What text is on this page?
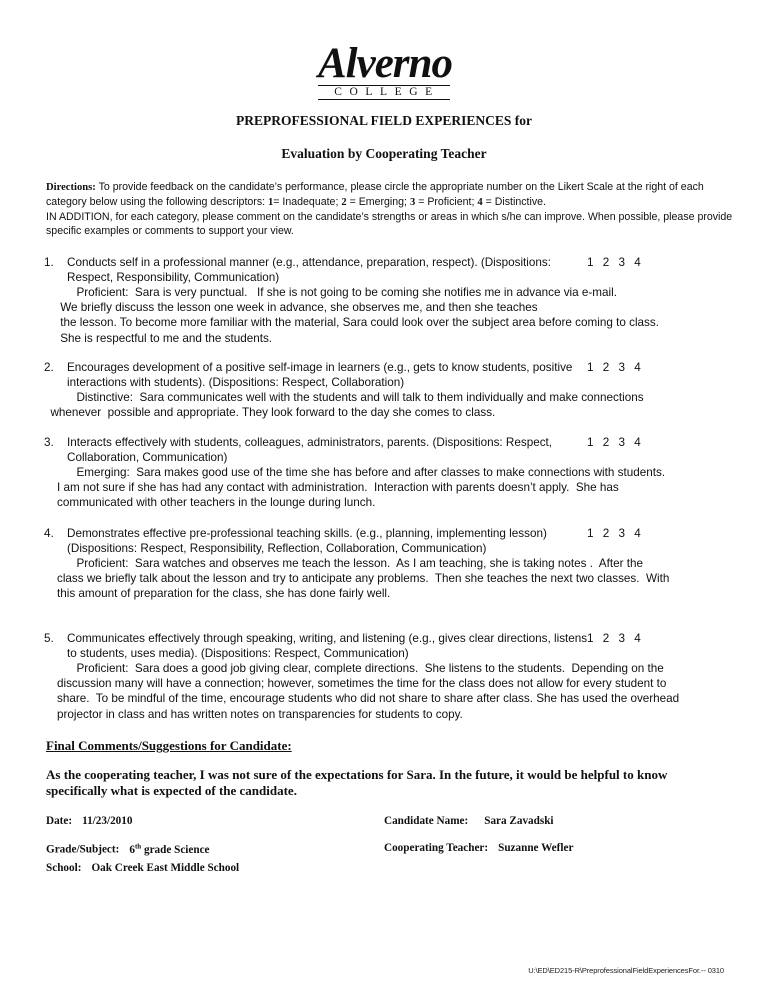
Alverno
COLLEGE
PREPROFESSIONAL FIELD EXPERIENCES for
Evaluation by Cooperating Teacher
Directions: To provide feedback on the candidate’s performance, please circle the appropriate number on the Likert Scale at the right of each category below using the following descriptors: 1= Inadequate; 2 = Emerging; 3 = Proficient; 4 = Distinctive.
IN ADDITION, for each category, please comment on the candidate’s strengths or areas in which s/he can improve. When possible, please provide specific examples or comments to support your view.
1. Conducts self in a professional manner (e.g., attendance, preparation, respect). (Dispositions: Respect, Responsibility, Communication)
1 2 3 4
Proficient:  Sara is very punctual.   If she is not going to be coming she notifies me in advance via e-mail.
We briefly discuss the lesson one week in advance, she observes me, and then she teaches
the lesson. To become more familiar with the material, Sara could look over the subject area before coming to class.
She is respectful to me and the students.
2. Encourages development of a positive self-image in learners (e.g., gets to know students, positive interactions with students). (Dispositions: Respect, Collaboration)
1 2 3 4
Distinctive:  Sara communicates well with the students and will talk to them individually and make connections
whenever  possible and appropriate. They look forward to the day she comes to class.
3. Interacts effectively with students, colleagues, administrators, parents. (Dispositions: Respect, Collaboration, Communication)
1 2 3 4
Emerging:  Sara makes good use of the time she has before and after classes to make connections with students.
I am not sure if she has had any contact with administration.  Interaction with parents doesn’t apply.  She has
communicated with other teachers in the lounge during lunch.
4. Demonstrates effective pre-professional teaching skills. (e.g., planning, implementing lesson) (Dispositions: Respect, Responsibility, Reflection, Collaboration, Communication)
1 2 3 4
Proficient:  Sara watches and observes me teach the lesson.  As I am teaching, she is taking notes .  After the
class we briefly talk about the lesson and try to anticipate any problems.  Then she teaches the next two classes.  With
this amount of preparation for the class, she has done fairly well.
5. Communicates effectively through speaking, writing, and listening (e.g., gives clear directions, listens to students, uses media). (Dispositions: Respect, Communication)
1 2 3 4
Proficient:  Sara does a good job giving clear, complete directions.  She listens to the students.  Depending on the
discussion many will have a connection; however, sometimes the time for the class does not allow for every student to
share.  To be mindful of the time, encourage students who did not share to share after class. She has used the overhead
projector in class and has written notes on transparencies for students to copy.
Final Comments/Suggestions for Candidate:
As the cooperating teacher, I was not sure of the expectations for Sara. In the future, it would be helpful to know specifically what is expected of the candidate.
Date: 11/23/2010
Grade/Subject: 6th grade Science
School: Oak Creek East Middle School
Candidate Name: Sara Zavadski
Cooperating Teacher: Suzanne Wefler
U:\ED\ED215-R\PreprofessionalFieldExperiencesFor.-- 0310
